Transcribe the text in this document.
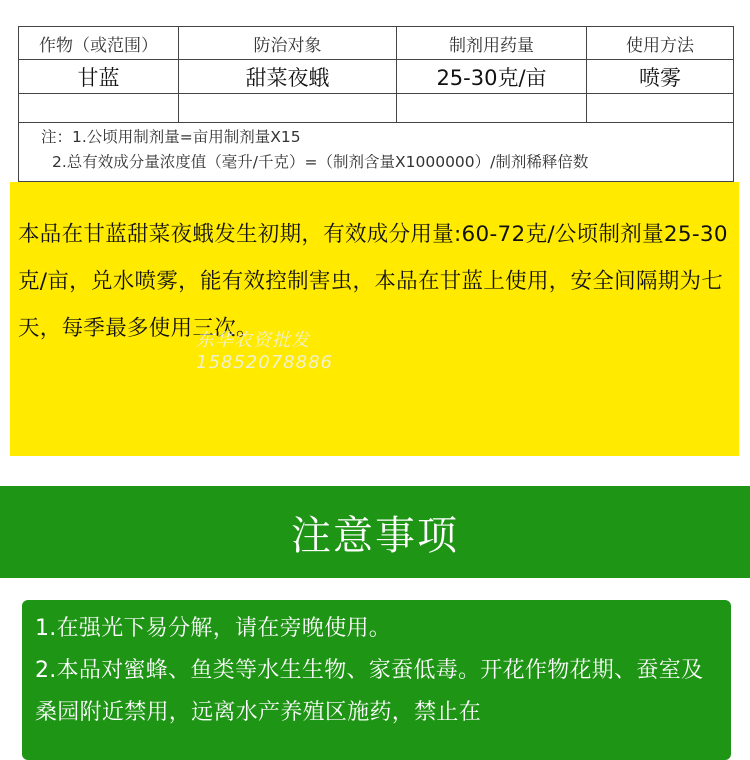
作物（或范围）	防治对象	制剂用药量	使用方法
甘蓝	甜菜夜蛾	25-30克/亩	喷雾

注：1.公顷用制剂量=亩用制剂量X15
2.总有效成分量浓度值（毫升/千克）=（制剂含量X1000000）/制剂稀释倍数			

本品在甘蓝甜菜夜蛾发生初期，有效成分用量:60-72克/公顷制剂量25-30克/亩，兑水喷雾，能有效控制害虫，本品在甘蓝上使用，安全间隔期为七天，每季最多使用三次。

东华农资批发
15852078886
注意事项

1.在强光下易分解，请在旁晚使用。
2.本品对蜜蜂、鱼类等水生生物、家蚕低毒。开花作物花期、蚕室及桑园附近禁用，远离水产养殖区施药，禁止在
